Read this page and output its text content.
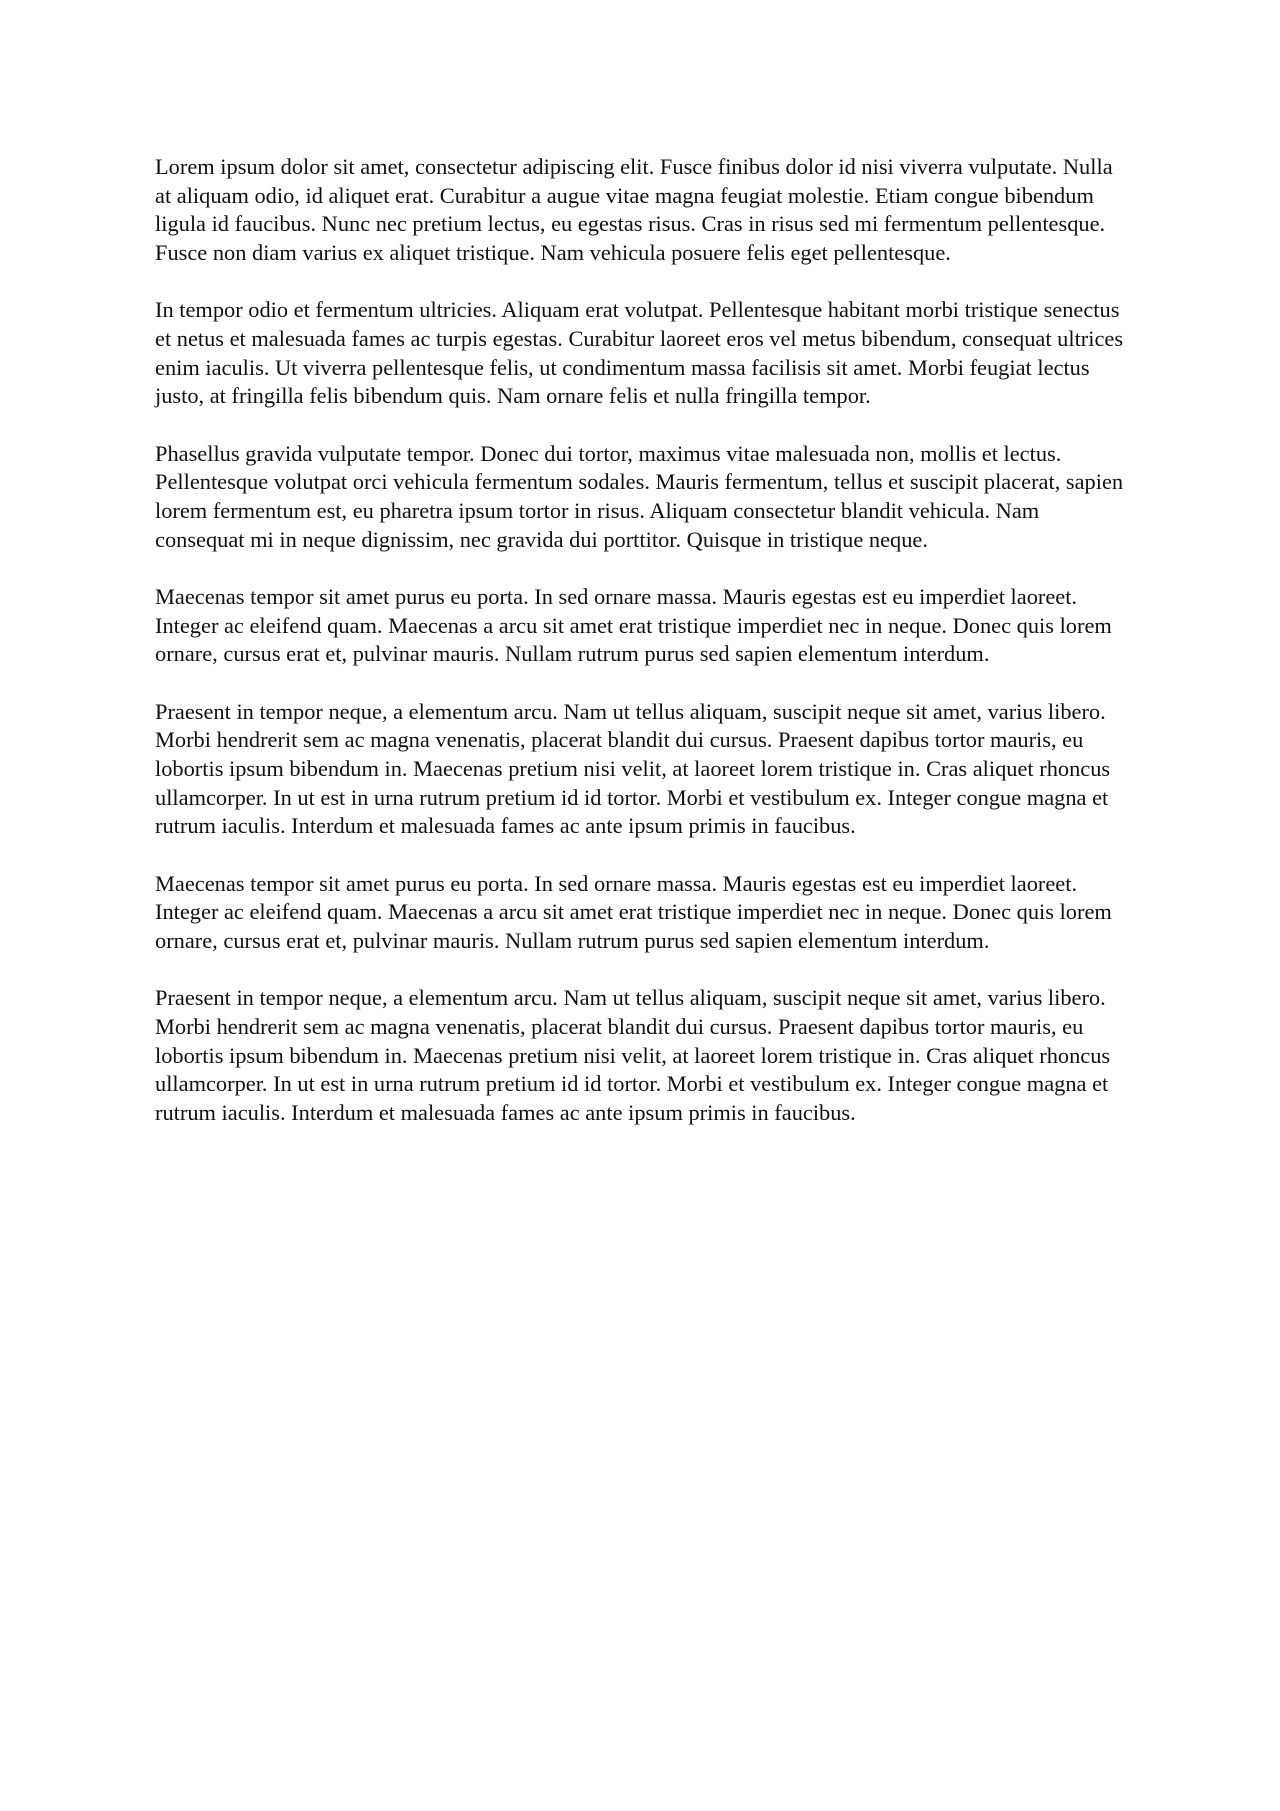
Lorem ipsum dolor sit amet, consectetur adipiscing elit. Fusce finibus dolor id nisi viverra vulputate. Nulla at aliquam odio, id aliquet erat. Curabitur a augue vitae magna feugiat molestie. Etiam congue bibendum ligula id faucibus. Nunc nec pretium lectus, eu egestas risus. Cras in risus sed mi fermentum pellentesque. Fusce non diam varius ex aliquet tristique. Nam vehicula posuere felis eget pellentesque.

In tempor odio et fermentum ultricies. Aliquam erat volutpat. Pellentesque habitant morbi tristique senectus et netus et malesuada fames ac turpis egestas. Curabitur laoreet eros vel metus bibendum, consequat ultrices enim iaculis. Ut viverra pellentesque felis, ut condimentum massa facilisis sit amet. Morbi feugiat lectus justo, at fringilla felis bibendum quis. Nam ornare felis et nulla fringilla tempor.

Phasellus gravida vulputate tempor. Donec dui tortor, maximus vitae malesuada non, mollis et lectus. Pellentesque volutpat orci vehicula fermentum sodales. Mauris fermentum, tellus et suscipit placerat, sapien lorem fermentum est, eu pharetra ipsum tortor in risus. Aliquam consectetur blandit vehicula. Nam consequat mi in neque dignissim, nec gravida dui porttitor. Quisque in tristique neque.

Maecenas tempor sit amet purus eu porta. In sed ornare massa. Mauris egestas est eu imperdiet laoreet. Integer ac eleifend quam. Maecenas a arcu sit amet erat tristique imperdiet nec in neque. Donec quis lorem ornare, cursus erat et, pulvinar mauris. Nullam rutrum purus sed sapien elementum interdum.

Praesent in tempor neque, a elementum arcu. Nam ut tellus aliquam, suscipit neque sit amet, varius libero. Morbi hendrerit sem ac magna venenatis, placerat blandit dui cursus. Praesent dapibus tortor mauris, eu lobortis ipsum bibendum in. Maecenas pretium nisi velit, at laoreet lorem tristique in. Cras aliquet rhoncus ullamcorper. In ut est in urna rutrum pretium id id tortor. Morbi et vestibulum ex. Integer congue magna et rutrum iaculis. Interdum et malesuada fames ac ante ipsum primis in faucibus.

Maecenas tempor sit amet purus eu porta. In sed ornare massa. Mauris egestas est eu imperdiet laoreet. Integer ac eleifend quam. Maecenas a arcu sit amet erat tristique imperdiet nec in neque. Donec quis lorem ornare, cursus erat et, pulvinar mauris. Nullam rutrum purus sed sapien elementum interdum.

Praesent in tempor neque, a elementum arcu. Nam ut tellus aliquam, suscipit neque sit amet, varius libero. Morbi hendrerit sem ac magna venenatis, placerat blandit dui cursus. Praesent dapibus tortor mauris, eu lobortis ipsum bibendum in. Maecenas pretium nisi velit, at laoreet lorem tristique in. Cras aliquet rhoncus ullamcorper. In ut est in urna rutrum pretium id id tortor. Morbi et vestibulum ex. Integer congue magna et rutrum iaculis. Interdum et malesuada fames ac ante ipsum primis in faucibus.
